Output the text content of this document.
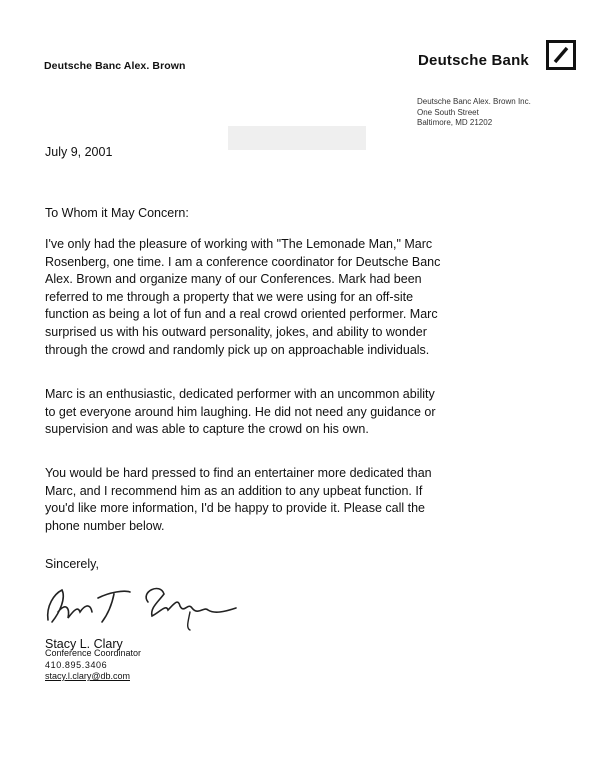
Deutsche Banc Alex. Brown	Deutsche Bank
Deutsche Banc Alex. Brown Inc.
One South Street
Baltimore, MD 21202
July 9, 2001
To Whom it May Concern:

I've only had the pleasure of working with "The Lemonade Man," Marc Rosenberg, one time. I am a conference coordinator for Deutsche Banc Alex. Brown and organize many of our Conferences. Mark had been referred to me through a property that we were using for an off-site function as being a lot of fun and a real crowd oriented performer. Marc surprised us with his outward personality, jokes, and ability to wonder through the crowd and randomly pick up on approachable individuals.

Marc is an enthusiastic, dedicated performer with an uncommon ability to get everyone around him laughing. He did not need any guidance or supervision and was able to capture the crowd on his own.

You would be hard pressed to find an entertainer more dedicated than Marc, and I recommend him as an addition to any upbeat function. If you'd like more information, I'd be happy to provide it. Please call the phone number below.

Sincerely,
Stacy L. Clary
Conference Coordinator
410.895.3406
stacy.l.clary@db.com
